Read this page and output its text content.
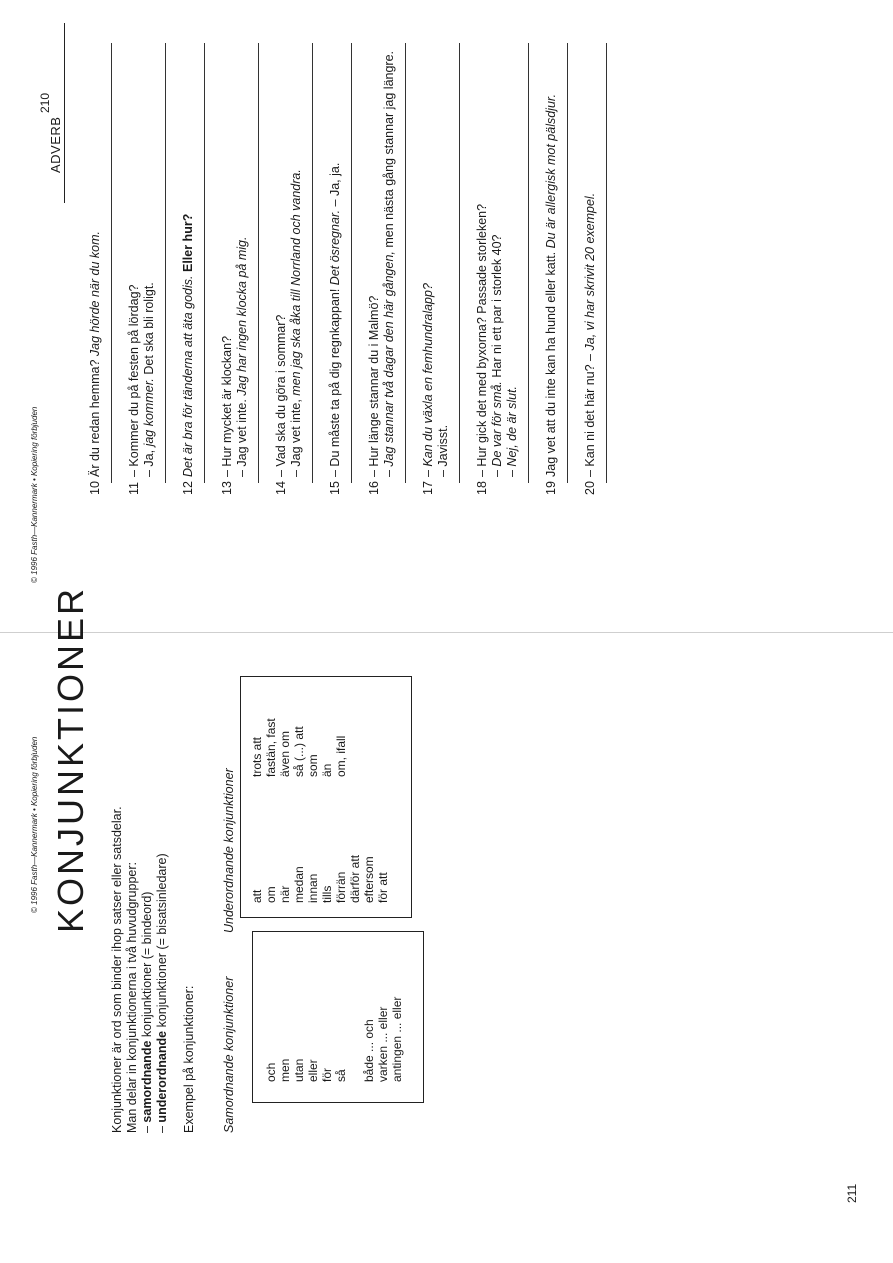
ADVERB
10Är du redan hemma? Jag hörde när du kom.
11– Kommer du på festen på lördag? – Ja, jag kommer. Det ska bli roligt.
12Det är bra för tänderna att äta godis. Eller hur?
13– Hur mycket är klockan? – Jag vet inte. Jag har ingen klocka på mig.
14– Vad ska du göra i sommar? – Jag vet inte, men jag ska åka till Norrland och vandra.
15– Du måste ta på dig regnkappan! Det ösregnar. – Ja, ja.
16– Hur länge stannar du i Malmö? – Jag stannar två dagar den här gången, men nästa gång stannar jag längre.
17– Kan du växla en femhundralapp? – Javisst.
18– Hur gick det med byxorna? Passade storleken? – De var för små. Har ni ett par i storlek 40?
– Nej, de är slut.
19Jag vet att du inte kan ha hund eller katt. Du är allergisk mot pälsdjur.
20– Kan ni det här nu? – Ja, vi har skrivit 20 exempel.
210
© 1996 Fasth—Kannermark • Kopiering förbjuden
KONJUNKTIONER
Konjunktioner är ord som binder ihop satser eller satsdelar. Man delar in konjunktionerna i två huvudgrupper: – samordnande konjunktioner (= bindeord)
– underordnande konjunktioner (= bisatsinledare)
Exempel på konjunktioner: Samordnande konjunktioner
Underordnande konjunktioner
och men utan eller för så både ... och varken ... eller antingen ... eller
att om när medan innan tills förrän därför att eftersom för att
trots att fastän, fast även om så (...) att som än om, ifall
211
© 1996 Fasth—Kannermark • Kopiering förbjuden
